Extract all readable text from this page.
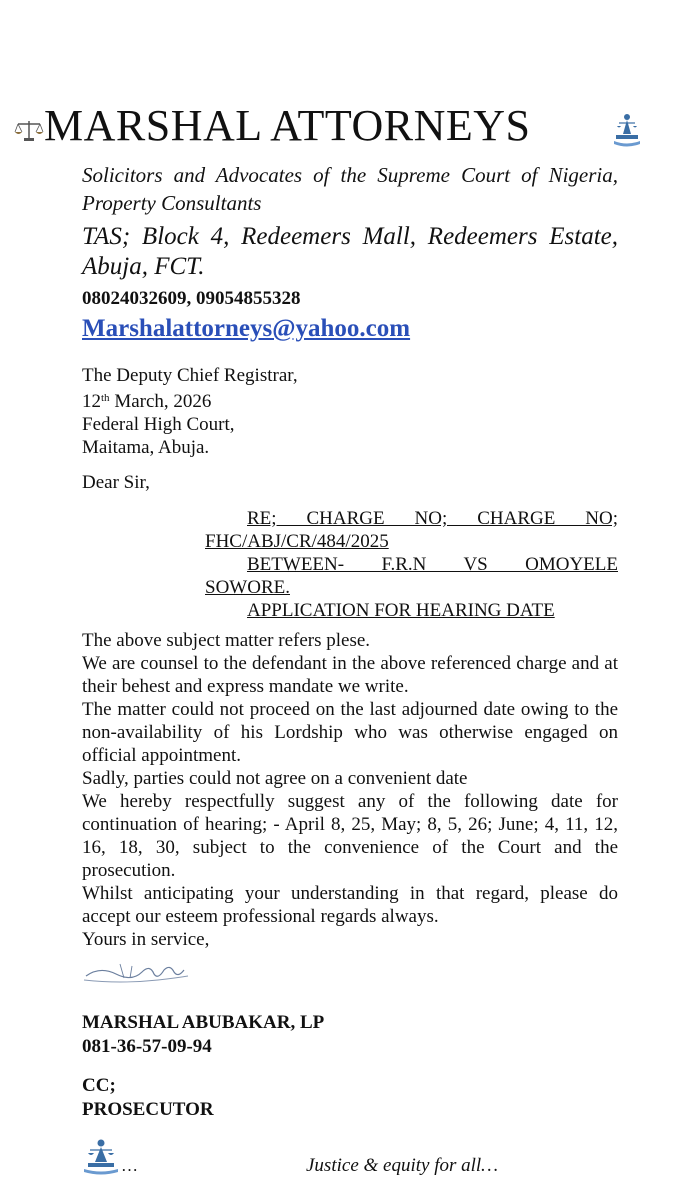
MARSHAL ATTORNEYS
Solicitors and Advocates of the Supreme Court of Nigeria, Property Consultants
TAS; Block 4, Redeemers Mall, Redeemers Estate, Abuja, FCT.
08024032609, 09054855328
Marshalattorneys@yahoo.com
The Deputy Chief Registrar,
12th March, 2026
Federal High Court,
Maitama, Abuja.
Dear Sir,
RE; CHARGE NO; CHARGE NO;
FHC/ABJ/CR/484/2025
BETWEEN- F.R.N VS OMOYELE
SOWORE.
APPLICATION FOR HEARING DATE

The above subject matter refers plese.

We are counsel to the defendant in the above referenced charge and at their behest and express mandate we write.

The matter could not proceed on the last adjourned date owing to the non-availability of his Lordship who was otherwise engaged on official appointment.

Sadly, parties could not agree on a convenient date

We hereby respectfully suggest any of the following date for continuation of hearing; - April 8, 25, May; 8, 5, 26; June; 4, 11, 12, 16, 18, 30, subject to the convenience of the Court and the prosecution.

Whilst anticipating your understanding in that regard, please do accept our esteem professional regards always.

Yours in service,

MARSHAL ABUBAKAR, LP
081-36-57-09-94
CC;
PROSECUTOR
…	Justice & equity for all…
